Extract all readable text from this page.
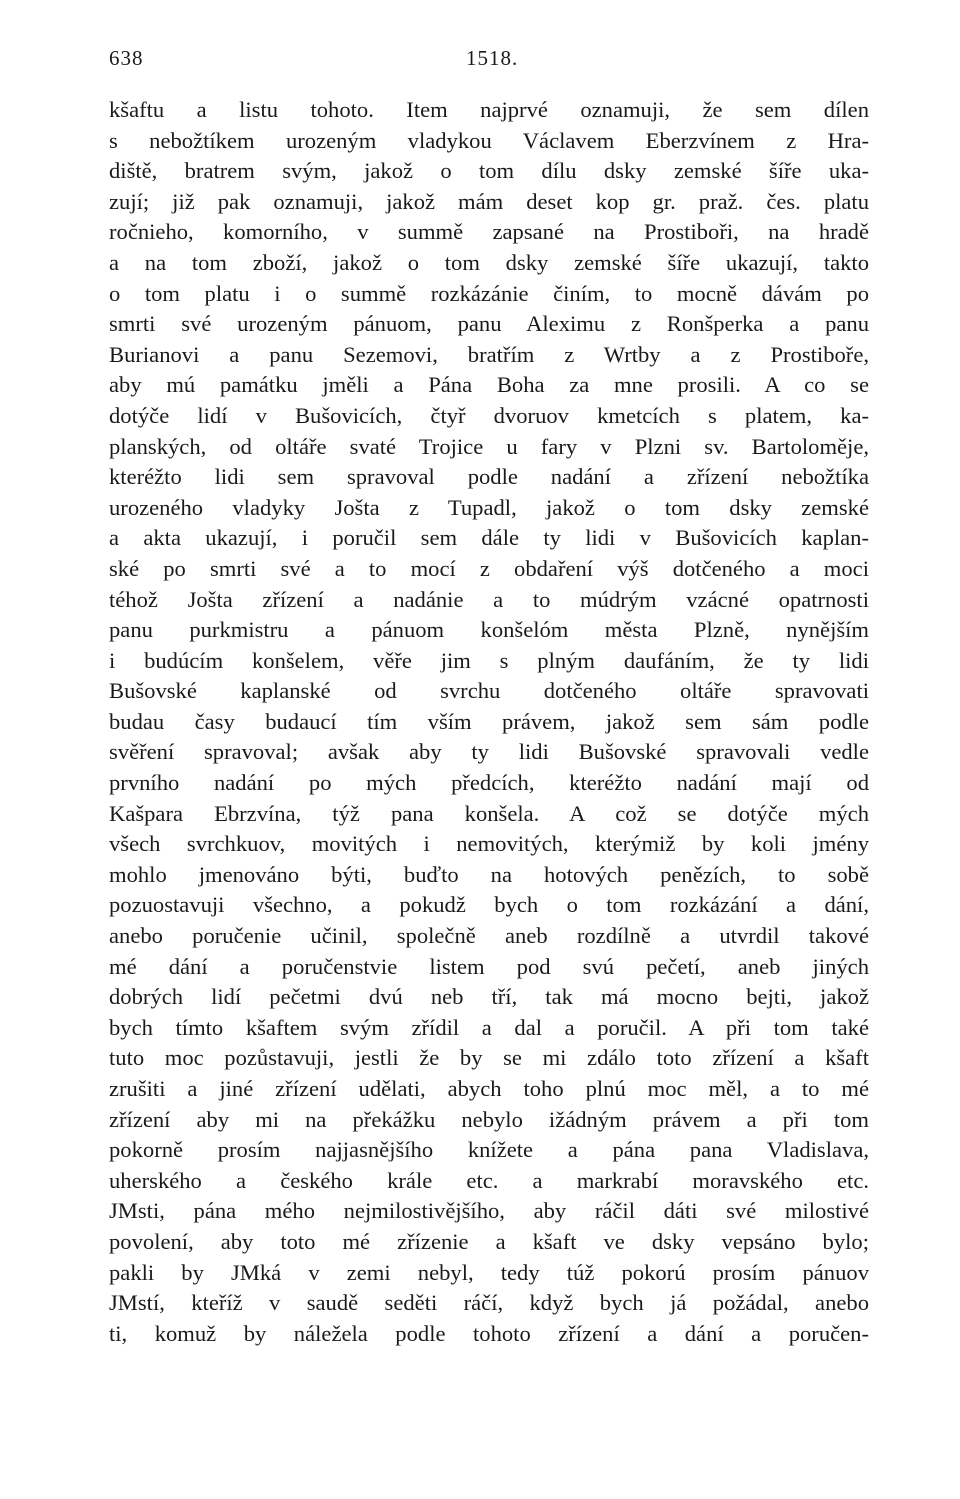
638	1518.
kšaftu a listu tohoto. Item najprvé oznamuji, že sem dílen
s nebožtíkem urozeným vladykou Václavem Eberzvínem z Hra-
diště, bratrem svým, jakož o tom dílu dsky zemské šíře uka-
zují; již pak oznamuji, jakož mám deset kop gr. praž. čes. platu
ročnieho, komorního, v summě zapsané na Prostiboři, na hradě
a na tom zboží, jakož o tom dsky zemské šíře ukazují, takto
o tom platu i o summě rozkázánie činím, to mocně dávám po
smrti své urozeným pánuom, panu Aleximu z Ronšperka a panu
Burianovi a panu Sezemovi, bratřím z Wrtby a z Prostiboře,
aby mú památku jměli a Pána Boha za mne prosili. A co se
dotýče lidí v Bušovicích, čtyř dvoruov kmetcích s platem, ka-
planských, od oltáře svaté Trojice u fary v Plzni sv. Bartoloměje,
kteréžto lidi sem spravoval podle nadání a zřízení nebožtíka
urozeného vladyky Jošta z Tupadl, jakož o tom dsky zemské
a akta ukazují, i poručil sem dále ty lidi v Bušovicích kaplan-
ské po smrti své a to mocí z obdaření výš dotčeného a moci
téhož Jošta zřízení a nadánie a to múdrým vzácné opatrnosti
panu purkmistru a pánuom konšelóm města Plzně, nynějším
i budúcím konšelem, věře jim s plným daufáním, že ty lidi
Bušovské kaplanské od svrchu dotčeného oltáře spravovati
budau časy budaucí tím vším právem, jakož sem sám podle
svěření spravoval; avšak aby ty lidi Bušovské spravovali vedle
prvního nadání po mých předcích, kteréžto nadání mají od
Kašpara Ebrzvína, týž pana konšela. A což se dotýče mých
všech svrchkuov, movitých i nemovitých, kterýmiž by koli jmény
mohlo jmenováno býti, buďto na hotových penězích, to sobě
pozuostavuji všechno, a pokudž bych o tom rozkázání a dání,
anebo poručenie učinil, společně aneb rozdílně a utvrdil takové
mé dání a poručenstvie listem pod svú pečetí, aneb jiných
dobrých lidí pečetmi dvú neb tří, tak má mocno bejti, jakož
bych tímto kšaftem svým zřídil a dal a poručil. A při tom také
tuto moc pozůstavuji, jestli že by se mi zdálo toto zřízení a kšaft
zrušiti a jiné zřízení udělati, abych toho plnú moc měl, a to mé
zřízení aby mi na překážku nebylo ižádným právem a při tom
pokorně prosím najjasnějšího knížete a pána pana Vladislava,
uherského a českého krále etc. a markrabí moravského etc.
JMsti, pána mého nejmilostivějšího, aby ráčil dáti své milostivé
povolení, aby toto mé zřízenie a kšaft ve dsky vepsáno bylo;
pakli by JMká v zemi nebyl, tedy túž pokorú prosím pánuov
JMstí, kteříž v saudě seděti ráčí, když bych já požádal, anebo
ti, komuž by náležela podle tohoto zřízení a dání a poručen-
